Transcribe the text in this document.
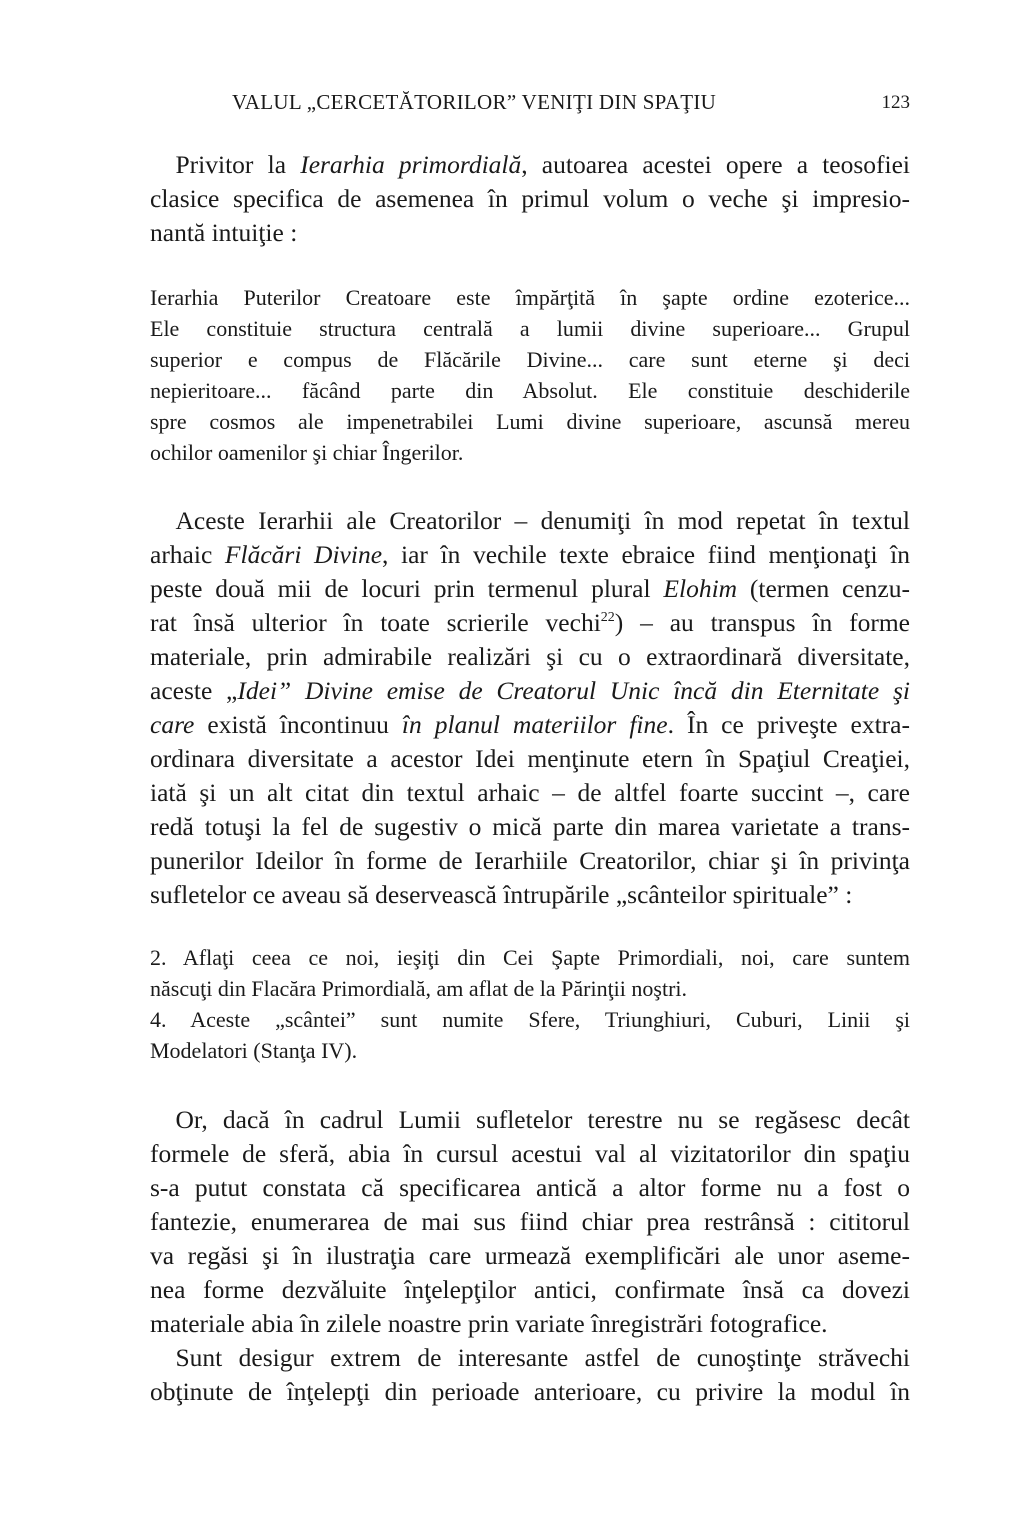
VALUL „CERCETĂTORILOR” VENIŢI DIN SPAŢIU	123
 Privitor la Ierarhia primordială, autoarea acestei opere a teosofiei
clasice specifica de asemenea în primul volum o veche şi impresio-
nantă intuiţie :
Ierarhia Puterilor Creatoare este împărţită în şapte ordine ezoterice...
Ele constituie structura centrală a lumii divine superioare... Grupul
superior e compus de Flăcările Divine... care sunt eterne şi deci
nepieritoare... făcând parte din Absolut. Ele constituie deschiderile
spre cosmos ale impenetrabilei Lumi divine superioare, ascunsă mereu
ochilor oamenilor şi chiar Îngerilor.
 Aceste Ierarhii ale Creatorilor – denumiţi în mod repetat în textul
arhaic Flăcări Divine, iar în vechile texte ebraice fiind menţionaţi în
peste două mii de locuri prin termenul plural Elohim (termen cenzu-
rat însă ulterior în toate scrierile vechi$^{22}$) – au transpus în forme
materiale, prin admirabile realizări şi cu o extraordinară diversitate,
aceste „Idei” Divine emise de Creatorul Unic încă din Eternitate şi
care există încontinuu în planul materiilor fine. În ce priveşte extra-
ordinara diversitate a acestor Idei menţinute etern în Spaţiul Creaţiei,
iată şi un alt citat din textul arhaic – de altfel foarte succint –, care
redă totuşi la fel de sugestiv o mică parte din marea varietate a trans-
punerilor Ideilor în forme de Ierarhiile Creatorilor, chiar şi în privinţa
sufletelor ce aveau să deservească întrupările „scânteilor spirituale” :
2. Aflaţi ceea ce noi, ieşiţi din Cei Şapte Primordiali, noi, care suntem
născuţi din Flacăra Primordială, am aflat de la Părinţii noştri.
4. Aceste „scântei” sunt numite Sfere, Triunghiuri, Cuburi, Linii şi
Modelatori (Stanţa IV).
 Or, dacă în cadrul Lumii sufletelor terestre nu se regăsesc decât
formele de sferă, abia în cursul acestui val al vizitatorilor din spaţiu
s-a putut constata că specificarea antică a altor forme nu a fost o
fantezie, enumerarea de mai sus fiind chiar prea restrânsă : cititorul
va regăsi şi în ilustraţia care urmează exemplificări ale unor aseme-
nea forme dezvăluite înţelepţilor antici, confirmate însă ca dovezi
materiale abia în zilele noastre prin variate înregistrări fotografice.
 Sunt desigur extrem de interesante astfel de cunoştinţe străvechi
obţinute de înţelepţi din perioade anterioare, cu privire la modul în
